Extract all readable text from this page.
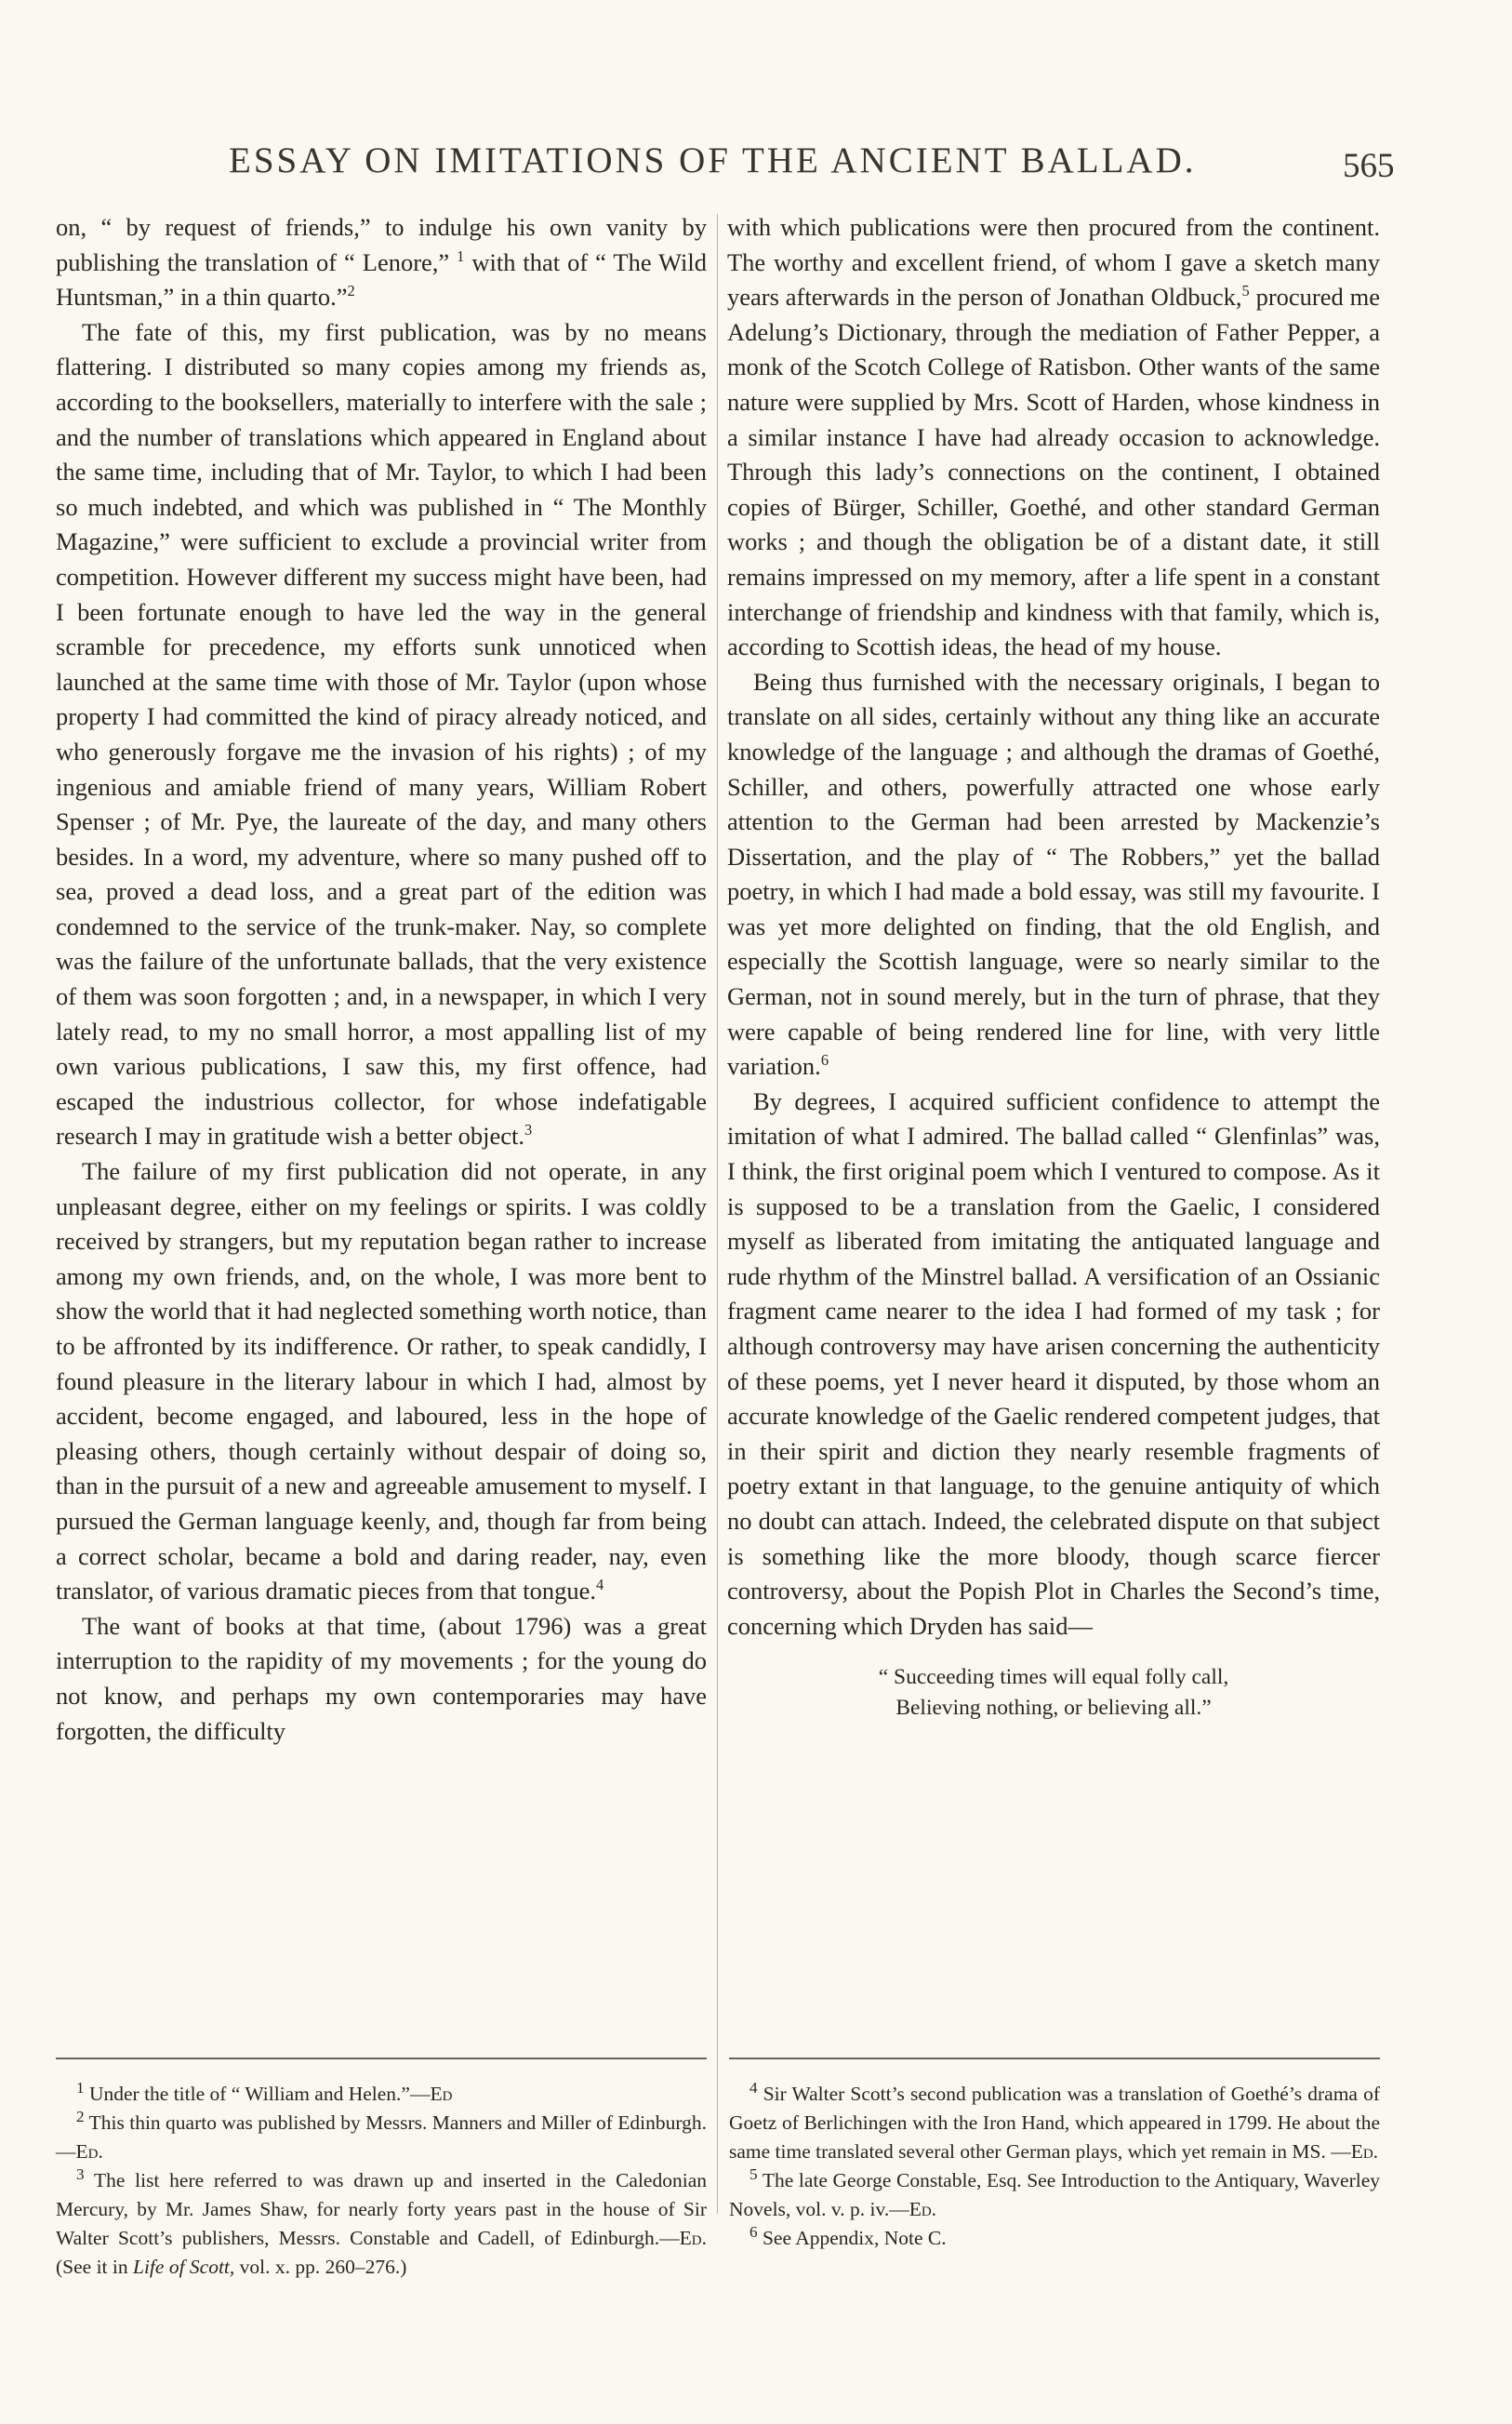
ESSAY ON IMITATIONS OF THE ANCIENT BALLAD.	565

on, “ by request of friends,” to indulge his own vanity by publishing the translation of “ Lenore,” $^1$ with that of “ The Wild Huntsman,” in a thin quarto.”$^2$

The fate of this, my first publication, was by no means flattering. I distributed so many copies among my friends as, according to the booksellers, materially to interfere with the sale ; and the number of translations which appeared in England about the same time, including that of Mr. Taylor, to which I had been so much indebted, and which was published in “ The Monthly Magazine,” were sufficient to exclude a provincial writer from competition. However different my success might have been, had I been fortunate enough to have led the way in the general scramble for precedence, my efforts sunk unnoticed when launched at the same time with those of Mr. Taylor (upon whose property I had committed the kind of piracy already noticed, and who generously forgave me the invasion of his rights) ; of my ingenious and amiable friend of many years, William Robert Spenser ; of Mr. Pye, the laureate of the day, and many others besides. In a word, my adventure, where so many pushed off to sea, proved a dead loss, and a great part of the edition was condemned to the service of the trunk-maker. Nay, so complete was the failure of the unfortunate ballads, that the very existence of them was soon forgotten ; and, in a newspaper, in which I very lately read, to my no small horror, a most appalling list of my own various publications, I saw this, my first offence, had escaped the industrious collector, for whose indefatigable research I may in gratitude wish a better object.$^3$

The failure of my first publication did not operate, in any unpleasant degree, either on my feelings or spirits. I was coldly received by strangers, but my reputation began rather to increase among my own friends, and, on the whole, I was more bent to show the world that it had neglected something worth notice, than to be affronted by its indifference. Or rather, to speak candidly, I found pleasure in the literary labour in which I had, almost by accident, become engaged, and laboured, less in the hope of pleasing others, though certainly without despair of doing so, than in the pursuit of a new and agreeable amusement to myself. I pursued the German language keenly, and, though far from being a correct scholar, became a bold and daring reader, nay, even translator, of various dramatic pieces from that tongue.$^4$

The want of books at that time, (about 1796) was a great interruption to the rapidity of my movements ; for the young do not know, and perhaps my own contemporaries may have forgotten, the difficulty

with which publications were then procured from the continent. The worthy and excellent friend, of whom I gave a sketch many years afterwards in the person of Jonathan Oldbuck,$^5$ procured me Adelung’s Dictionary, through the mediation of Father Pepper, a monk of the Scotch College of Ratisbon. Other wants of the same nature were supplied by Mrs. Scott of Harden, whose kindness in a similar instance I have had already occasion to acknowledge. Through this lady’s connections on the continent, I obtained copies of Bürger, Schiller, Goethé, and other standard German works ; and though the obligation be of a distant date, it still remains impressed on my memory, after a life spent in a constant interchange of friendship and kindness with that family, which is, according to Scottish ideas, the head of my house.

Being thus furnished with the necessary originals, I began to translate on all sides, certainly without any thing like an accurate knowledge of the language ; and although the dramas of Goethé, Schiller, and others, powerfully attracted one whose early attention to the German had been arrested by Mackenzie’s Dissertation, and the play of “ The Robbers,” yet the ballad poetry, in which I had made a bold essay, was still my favourite. I was yet more delighted on finding, that the old English, and especially the Scottish language, were so nearly similar to the German, not in sound merely, but in the turn of phrase, that they were capable of being rendered line for line, with very little variation.$^6$

By degrees, I acquired sufficient confidence to attempt the imitation of what I admired. The ballad called “ Glenfinlas” was, I think, the first original poem which I ventured to compose. As it is supposed to be a translation from the Gaelic, I considered myself as liberated from imitating the antiquated language and rude rhythm of the Minstrel ballad. A versification of an Ossianic fragment came nearer to the idea I had formed of my task ; for although controversy may have arisen concerning the authenticity of these poems, yet I never heard it disputed, by those whom an accurate knowledge of the Gaelic rendered competent judges, that in their spirit and diction they nearly resemble fragments of poetry extant in that language, to the genuine antiquity of which no doubt can attach. Indeed, the celebrated dispute on that subject is something like the more bloody, though scarce fiercer controversy, about the Popish Plot in Charles the Second’s time, concerning which Dryden has said—

“ Succeeding times will equal folly call,
Believing nothing, or believing all.”

$^1$ Under the title of “ William and Helen.”—Ed

$^2$ This thin quarto was published by Messrs. Manners and Miller of Edinburgh.—Ed.

$^3$ The list here referred to was drawn up and inserted in the Caledonian Mercury, by Mr. James Shaw, for nearly forty years past in the house of Sir Walter Scott’s publishers, Messrs. Constable and Cadell, of Edinburgh.—Ed. (See it in Life of Scott, vol. x. pp. 260–276.)

$^4$ Sir Walter Scott’s second publication was a translation of Goethé’s drama of Goetz of Berlichingen with the Iron Hand, which appeared in 1799. He about the same time translated several other German plays, which yet remain in MS. —Ed.

$^5$ The late George Constable, Esq. See Introduction to the Antiquary, Waverley Novels, vol. v. p. iv.—Ed.

$^6$ See Appendix, Note C.
